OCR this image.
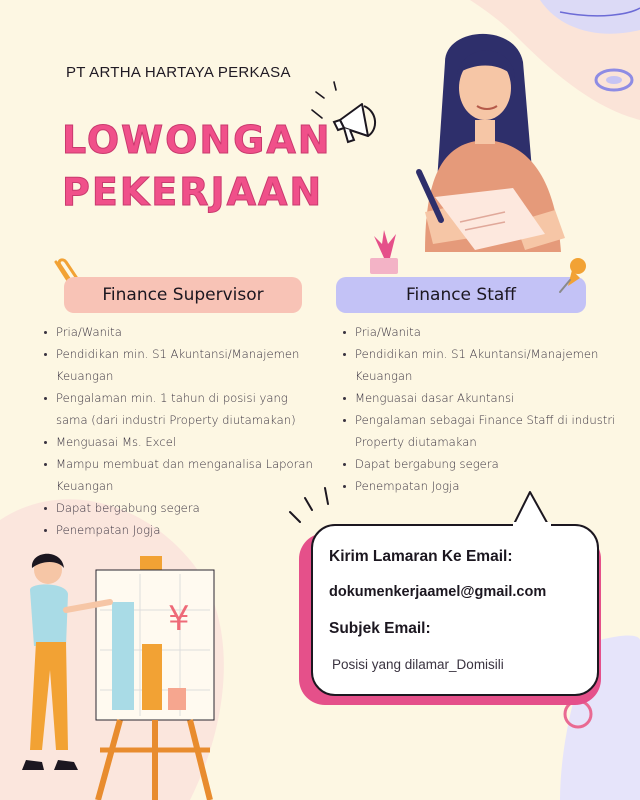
PT ARTHA HARTAYA PERKASA
LOWONGAN
PEKERJAAN
Finance Supervisor	Finance Staff
Pria/Wanita
Pendidikan min. S1 Akuntansi/Manajemen Keuangan
Pengalaman min. 1 tahun di posisi yang sama (dari industri Property diutamakan)
Menguasai Ms. Excel
Mampu membuat dan menganalisa Laporan Keuangan
Dapat bergabung segera
Penempatan Jogja
Pria/Wanita
Pendidikan min. S1 Akuntansi/Manajemen Keuangan
Menguasai dasar Akuntansi
Pengalaman sebagai Finance Staff di industri Property diutamakan
Dapat bergabung segera
Penempatan Jogja
¥
Kirim Lamaran Ke Email:
dokumenkerjaamel@gmail.com
Subjek Email:
Posisi yang dilamar_Domisili
